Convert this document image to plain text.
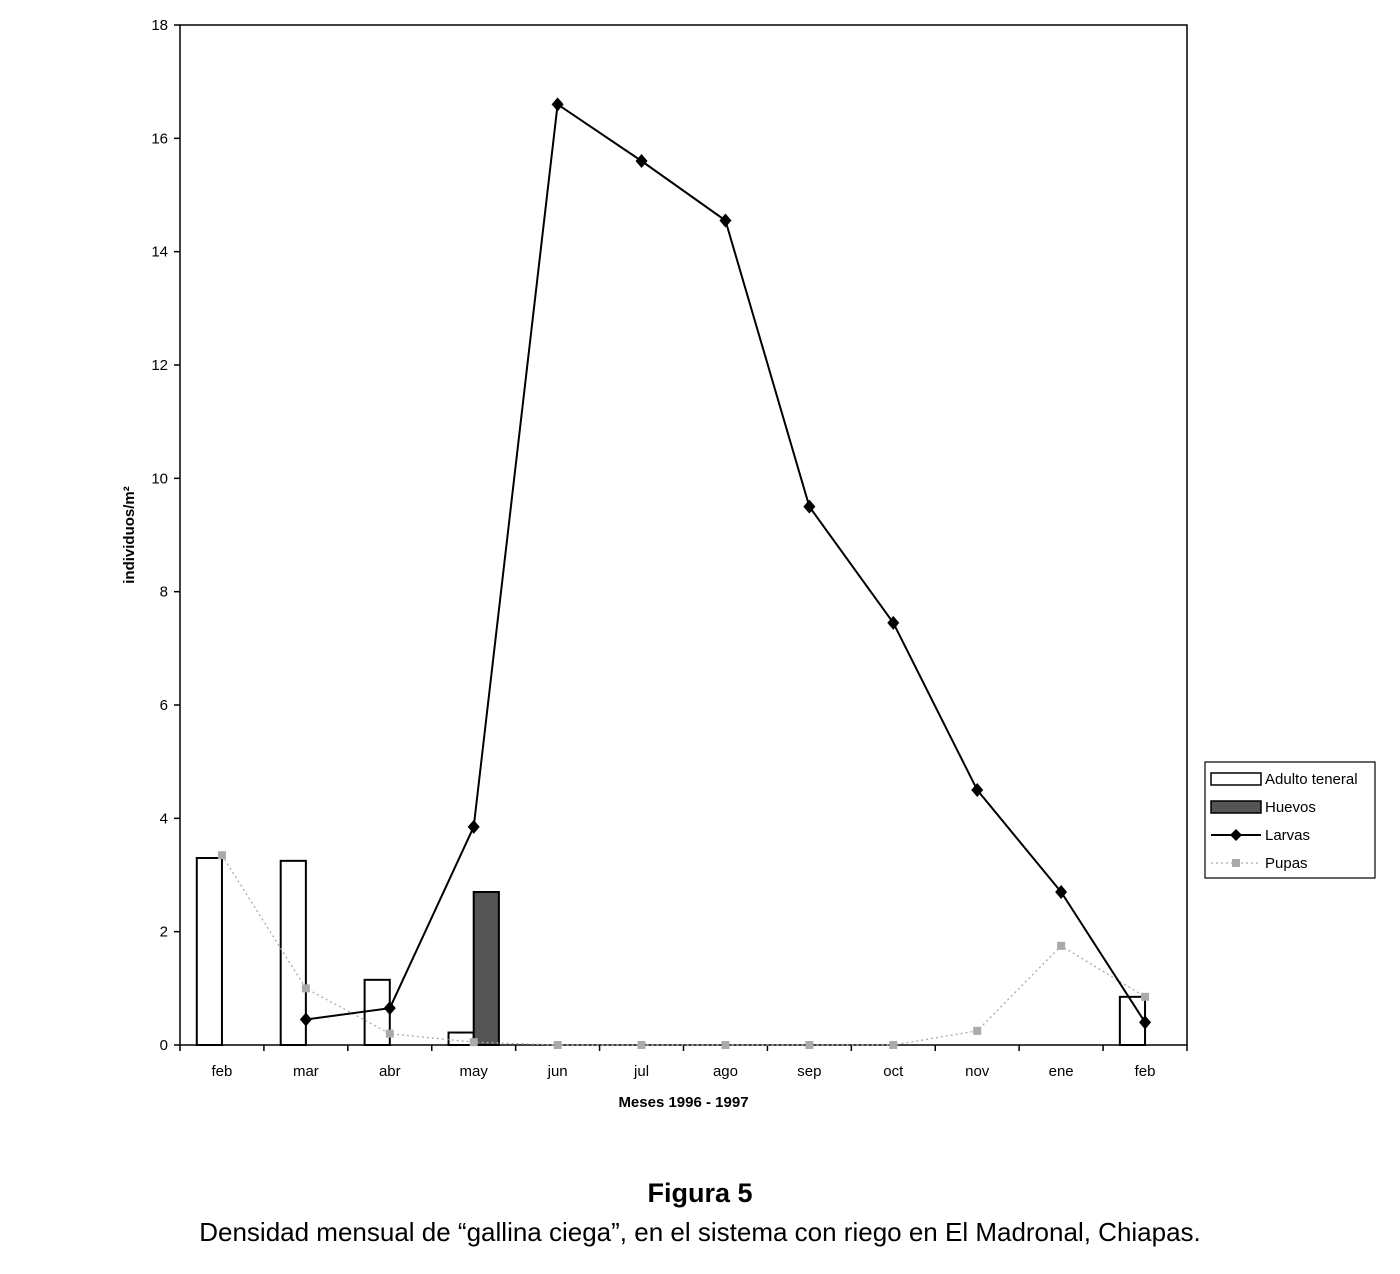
0
2
4
6
8
10
12
14
16
18
feb	mar	abr	may	jun	jul	ago	sep	oct	nov	ene	feb
individuos/m²
Meses 1996 - 1997
Adulto teneral
Huevos
Larvas
Pupas
Figura 5
Densidad mensual de “gallina ciega”, en el sistema con riego en El Madronal, Chiapas.
